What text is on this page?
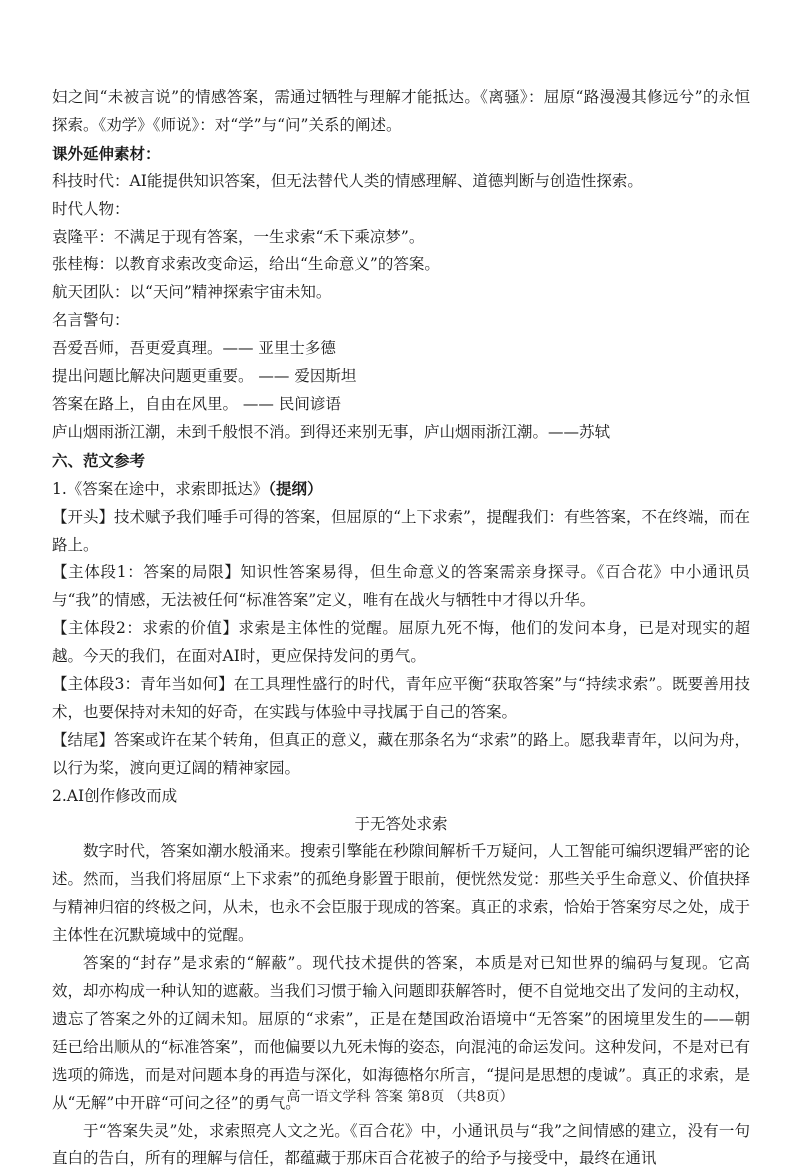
妇之间“未被言说”的情感答案，需通过牺牲与理解才能抵达。《离骚》：屈原“路漫漫其修远兮”的永恒探索。《劝学》《师说》：对“学”与“问”关系的阐述。

课外延伸素材：

科技时代：AI能提供知识答案，但无法替代人类的情感理解、道德判断与创造性探索。

时代人物：

袁隆平：不满足于现有答案，一生求索“禾下乘凉梦”。

张桂梅：以教育求索改变命运，给出“生命意义”的答案。

航天团队：以“天问”精神探索宇宙未知。

名言警句：

吾爱吾师，吾更爱真理。—— 亚里士多德

提出问题比解决问题更重要。 —— 爱因斯坦

答案在路上，自由在风里。 —— 民间谚语

庐山烟雨浙江潮，未到千般恨不消。到得还来别无事，庐山烟雨浙江潮。——苏轼

六、范文参考

1.《答案在途中，求索即抵达》（提纲）

【开头】技术赋予我们唾手可得的答案，但屈原的“上下求索”，提醒我们：有些答案，不在终端，而在路上。

【主体段1：答案的局限】知识性答案易得，但生命意义的答案需亲身探寻。《百合花》中小通讯员与“我”的情感，无法被任何“标准答案”定义，唯有在战火与牺牲中才得以升华。

【主体段2：求索的价值】求索是主体性的觉醒。屈原九死不悔，他们的发问本身，已是对现实的超越。今天的我们，在面对AI时，更应保持发问的勇气。

【主体段3：青年当如何】在工具理性盛行的时代，青年应平衡“获取答案”与“持续求索”。既要善用技术，也要保持对未知的好奇，在实践与体验中寻找属于自己的答案。

【结尾】答案或许在某个转角，但真正的意义，藏在那条名为“求索”的路上。愿我辈青年，以问为舟，以行为桨，渡向更辽阔的精神家园。

2.AI创作修改而成

于无答处求索

数字时代，答案如潮水般涌来。搜索引擎能在秒隙间解析千万疑问，人工智能可编织逻辑严密的论述。然而，当我们将屈原“上下求索”的孤绝身影置于眼前，便恍然发觉：那些关乎生命意义、价值抉择与精神归宿的终极之问，从未，也永不会臣服于现成的答案。真正的求索，恰始于答案穷尽之处，成于主体性在沉默境域中的觉醒。

答案的“封存”是求索的“解蔽”。现代技术提供的答案，本质是对已知世界的编码与复现。它高效，却亦构成一种认知的遮蔽。当我们习惯于输入问题即获解答时，便不自觉地交出了发问的主动权，遗忘了答案之外的辽阔未知。屈原的“求索”，正是在楚国政治语境中“无答案”的困境里发生的——朝廷已给出顺从的“标准答案”，而他偏要以九死未悔的姿态，向混沌的命运发问。这种发问，不是对已有选项的筛选，而是对问题本身的再造与深化，如海德格尔所言，“提问是思想的虔诚”。真正的求索，是从“无解”中开辟“可问之径”的勇气。

于“答案失灵”处，求索照亮人文之光。《百合花》中，小通讯员与“我”之间情感的建立，没有一句直白的告白，所有的理解与信任，都蕴藏于那床百合花被子的给予与接受中，最终在通讯

高一语文学科 答案 第8页 （共8页）
